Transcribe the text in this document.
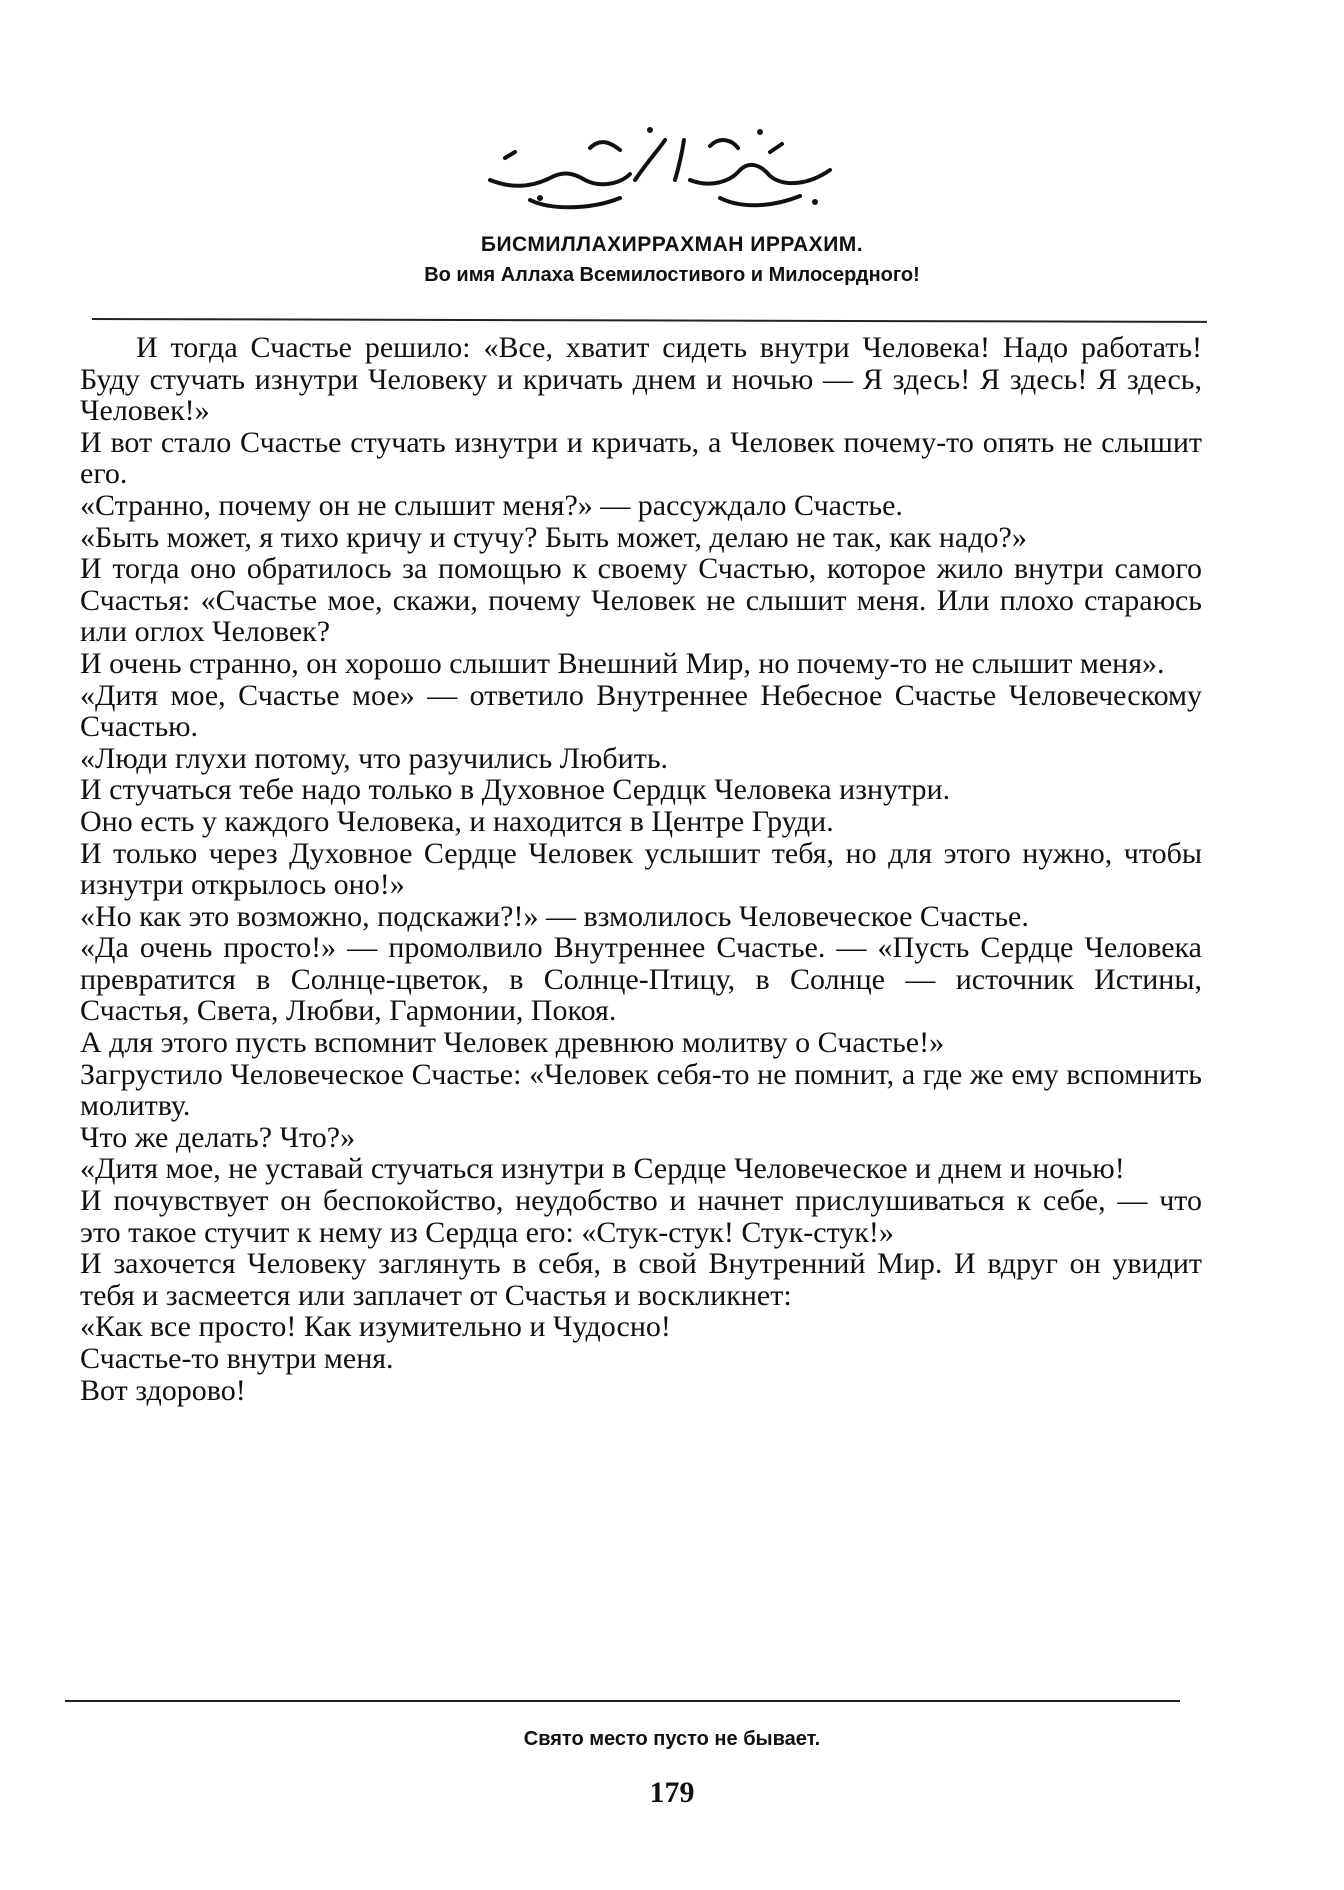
БИСМИЛЛАХИРРАХМАН ИРРАХИМ.
Во имя Аллаха Всемилостивого и Милосердного!

И тогда Счастье решило: «Все, хватит сидеть внутри Человека! Надо работать! Буду стучать изнутри Человеку и кричать днем и ночью — Я здесь! Я здесь! Я здесь, Человек!»

И вот стало Счастье стучать изнутри и кричать, а Человек почему-то опять не слышит его.

«Странно, почему он не слышит меня?» — рассуждало Счастье.

«Быть может, я тихо кричу и стучу? Быть может, делаю не так, как надо?»

И тогда оно обратилось за помощью к своему Счастью, которое жило внутри самого Счастья: «Счастье мое, скажи, почему Человек не слышит меня. Или плохо стараюсь или оглох Человек?

И очень странно, он хорошо слышит Внешний Мир, но почему-то не слышит меня».

«Дитя мое, Счастье мое» — ответило Внутреннее Небесное Счастье Человеческому Счастью.

«Люди глухи потому, что разучились Любить.

И стучаться тебе надо только в Духовное Сердцк Человека изнутри.

Оно есть у каждого Человека, и находится в Центре Груди.

И только через Духовное Сердце Человек услышит тебя, но для этого нужно, чтобы изнутри открылось оно!»

«Но как это возможно, подскажи?!» — взмолилось Человеческое Счастье.

«Да очень просто!» — промолвило Внутреннее Счастье. — «Пусть Сердце Человека превратится в Солнце-цветок, в Солнце-Птицу, в Солнце — источник Истины, Счастья, Света, Любви, Гармонии, Покоя.

А для этого пусть вспомнит Человек древнюю молитву о Счастье!»

Загрустило Человеческое Счастье: «Человек себя-то не помнит, а где же ему вспомнить молитву.

Что же делать? Что?»

«Дитя мое, не уставай стучаться изнутри в Сердце Человеческое и днем и ночью!

И почувствует он беспокойство, неудобство и начнет прислушиваться к себе, — что это такое стучит к нему из Сердца его: «Стук-стук! Стук-стук!»

И захочется Человеку заглянуть в себя, в свой Внутренний Мир. И вдруг он увидит тебя и засмеется или заплачет от Счастья и воскликнет:

«Как все просто! Как изумительно и Чудосно!

Счастье-то внутри меня.

Вот здорово!

Свято место пусто не бывает.
179
